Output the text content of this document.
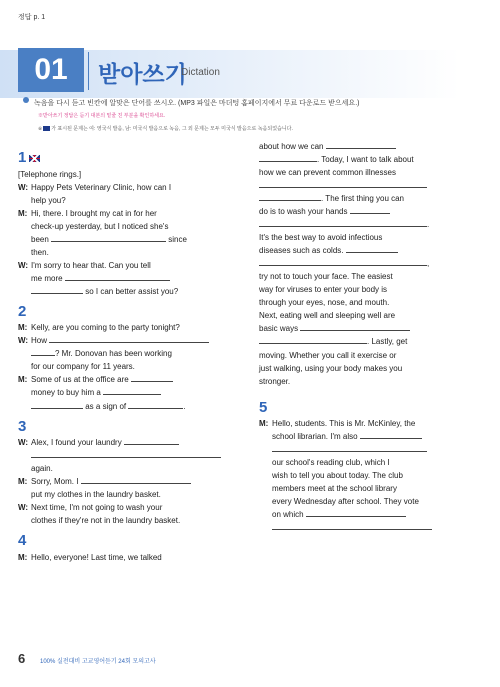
정답 p. 1
01	받아쓰기
Dictation
녹음을 다시 듣고 빈칸에 알맞은 단어를 쓰시오. (MP3 파일은 마더텅 홈페이지에서 무료 다운로드 받으세요.)
※받아쓰기 정답은 듣기 대본의 밑줄 친 부분을 확인하세요.
※ 가 표시된 문제는 여: 영국식 발음, 남: 미국식 발음으로 녹음, 그 외 문제는 모두 미국식 발음으로 녹음되었습니다.
1
[Telephone rings.]
W: Happy Pets Veterinary Clinic, how can I
help you?
M: Hi, there. I brought my cat in for her
check-up yesterday, but I noticed she's
been	since
then.
W: I'm sorry to hear that. Can you tell
me more
so I can better assist you?
2
M: Kelly, are you coming to the party tonight?
W: How
? Mr. Donovan has been working
for our company for 11 years.
M: Some of us at the office are
money to buy him a
as a sign of	.
3
W: Alex, I found your laundry
again.
M: Sorry, Mom. I
put my clothes in the laundry basket.
W: Next time, I'm not going to wash your
clothes if they're not in the laundry basket.
4
M: Hello, everyone! Last time, we talked
about how we can
. Today, I want to talk about
how we can prevent common illnesses
. The first thing you can
do is to wash your hands
.
It's the best way to avoid infectious
diseases such as colds.
,
try not to touch your face. The easiest
way for viruses to enter your body is
through your eyes, nose, and mouth.
Next, eating well and sleeping well are
basic ways
. Lastly, get
moving. Whether you call it exercise or
just walking, using your body makes you
stronger.
5
M: Hello, students. This is Mr. McKinley, the
school librarian. I'm also
our school's reading club, which I
wish to tell you about today. The club
members meet at the school library
every Wednesday after school. They vote
on which
6 100% 실전대비 고교영어듣기 24회 모의고사
